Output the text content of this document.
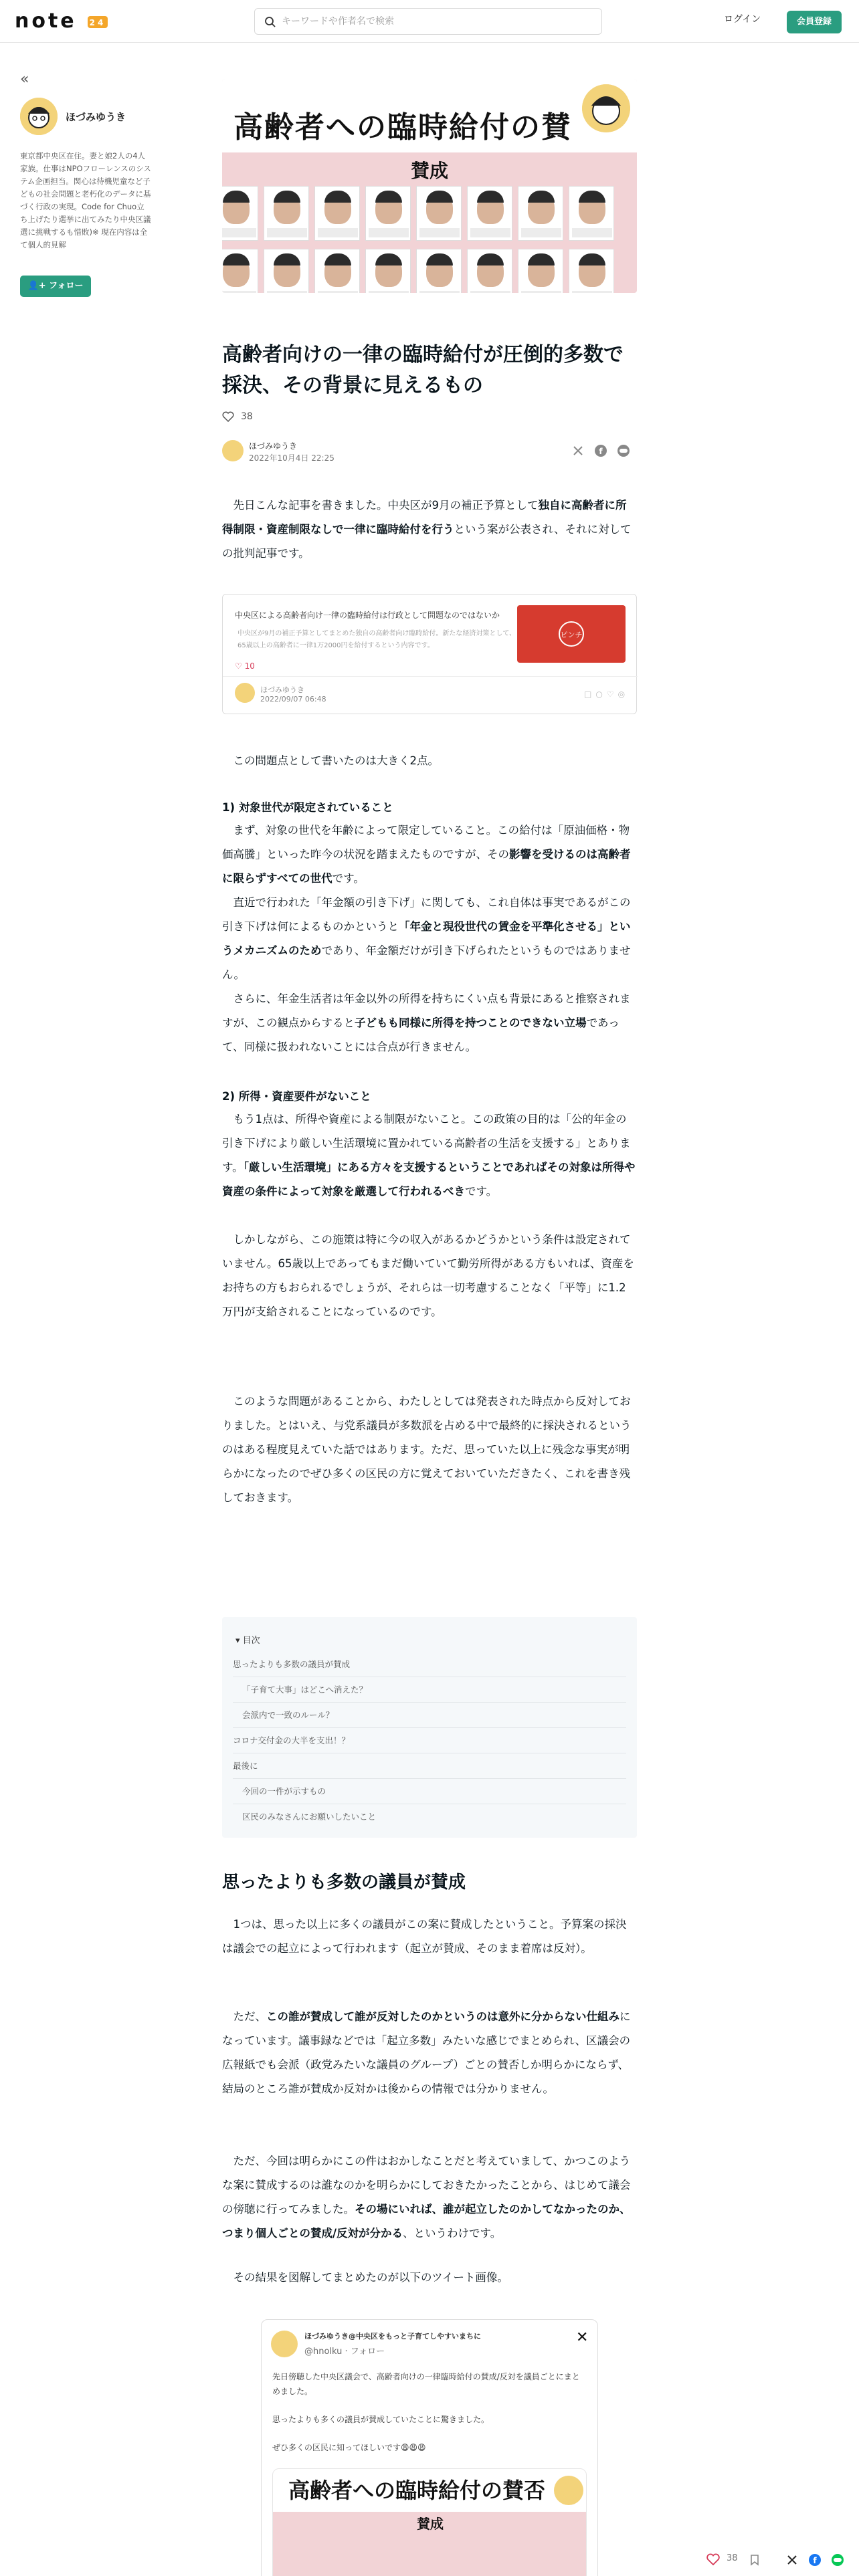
note 24
キーワードや作者名で検索	ログイン	会員登録
«
ほづみゆうき
東京都中央区在住。妻と娘2人の4人家族。仕事はNPOフローレンスのシステム企画担当。関心は待機児童など子どもの社会問題と老朽化のデータに基づく行政の実現。Code for Chuo立ち上げたり選挙に出てみたり中央区議選に挑戦するも惜敗)※ 現在内容は全て個人的見解
👤+ フォロー
高齢者への臨時給付の賛
賛成
高齢者向けの一律の臨時給付が圧倒的多数で採決、その背景に見えるもの
38
ほづみゆうき
2022年10月4日 22:25
f
　先日こんな記事を書きました。中央区が9月の補正予算として独自に高齢者に所得制限・資産制限なしで一律に臨時給付を行うという案が公表され、それに対しての批判記事です。
中央区による高齢者向け一律の臨時給付は行政として問題なのではないか
中央区が9月の補正予算としてまとめた独自の高齢者向け臨時給付。新たな経済対策として、
65歳以上の高齢者に一律1万2000円を給付するという内容です。
ピンチ
♡ 10
ほづみゆうき
2022/09/07 06:48
□○♡◎
　この問題点として書いたのは大きく2点。
1) 対象世代が限定されていること
　まず、対象の世代を年齢によって限定していること。この給付は「原油価格・物価高騰」といった昨今の状況を踏まえたものですが、その影響を受けるのは高齢者に限らずすべての世代です。
　直近で行われた「年金額の引き下げ」に関しても、これ自体は事実であるがこの引き下げは何によるものかというと「年金と現役世代の賃金を平準化させる」というメカニズムのためであり、年金額だけが引き下げられたというものではありません。
　さらに、年金生活者は年金以外の所得を持ちにくい点も背景にあると推察されますが、この観点からすると子どもも同様に所得を持つことのできない立場であって、同様に扱われないことには合点が行きません。
2) 所得・資産要件がないこと
　もう1点は、所得や資産による制限がないこと。この政策の目的は「公的年金の引き下げにより厳しい生活環境に置かれている高齢者の生活を支援する」とあります。「厳しい生活環境」にある方々を支援するということであればその対象は所得や資産の条件によって対象を厳選して行われるべきです。
　しかしながら、この施策は特に今の収入があるかどうかという条件は設定されていません。65歳以上であってもまだ働いていて勤労所得がある方もいれば、資産をお持ちの方もおられるでしょうが、それらは一切考慮することなく「平等」に1.2万円が支給されることになっているのです。
　このような問題があることから、わたしとしては発表された時点から反対しておりました。とはいえ、与党系議員が多数派を占める中で最終的に採決されるというのはある程度見えていた話ではあります。ただ、思っていた以上に残念な事実が明らかになったのでぜひ多くの区民の方に覚えておいていただきたく、これを書き残しておきます。
▾ 目次
思ったよりも多数の議員が賛成
「子育て大事」はどこへ消えた？
会派内で一致のルール？
コロナ交付金の大半を支出！？
最後に
今回の一件が示すもの
区民のみなさんにお願いしたいこと
思ったよりも多数の議員が賛成
　1つは、思った以上に多くの議員がこの案に賛成したということ。予算案の採決は議会での起立によって行われます（起立が賛成、そのまま着席は反対）。
　ただ、この誰が賛成して誰が反対したのかというのは意外に分からない仕組みになっています。議事録などでは「起立多数」みたいな感じでまとめられ、区議会の広報紙でも会派（政党みたいな議員のグループ）ごとの賛否しか明らかにならず、結局のところ誰が賛成か反対かは後からの情報では分かりません。
　ただ、今回は明らかにこの件はおかしなことだと考えていまして、かつこのような案に賛成するのは誰なのかを明らかにしておきたかったことから、はじめて議会の傍聴に行ってみました。その場にいれば、誰が起立したのかしてなかったのか、つまり個人ごとの賛成/反対が分かる、というわけです。
　その結果を図解してまとめたのが以下のツイート画像。
ほづみゆうき@中央区をもっと子育てしやすいまちに
@hnolku · フォロー
✕
先日傍聴した中央区議会で、高齢者向けの一律臨時給付の賛成/反対を議員ごとにまとめました。
思ったよりも多くの議員が賛成していたことに驚きました。
ぜひ多くの区民に知ってほしいです😩😩😩
高齢者への臨時給付の賛否
賛成
38	f
